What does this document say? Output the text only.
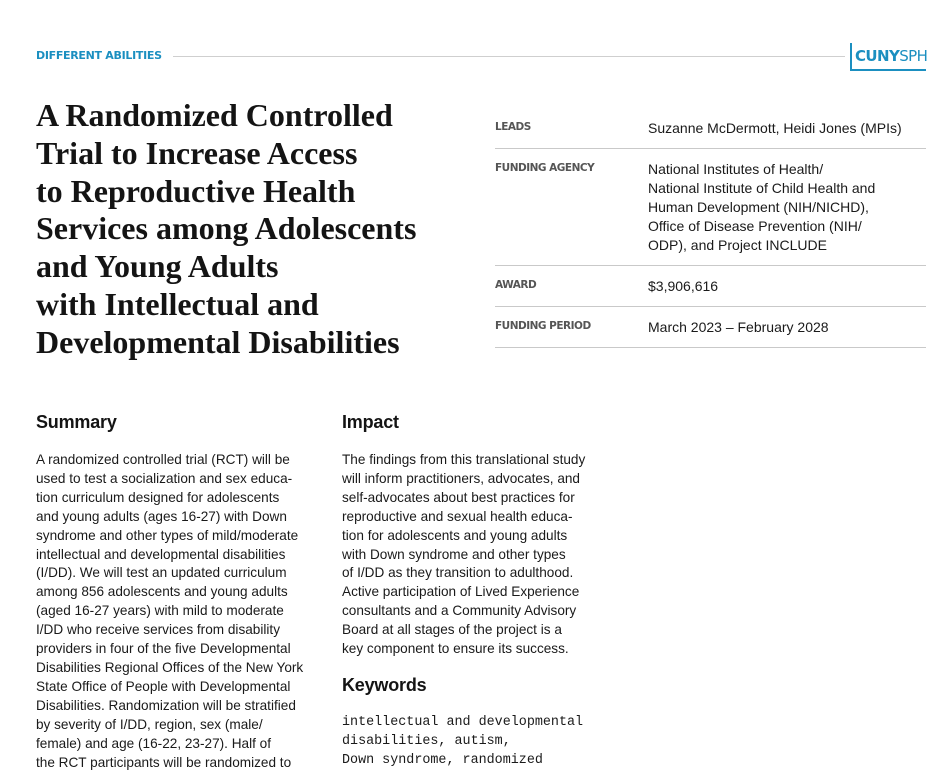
DIFFERENT ABILITIES	CUNY SPH
A Randomized Controlled
Trial to Increase Access
to Reproductive Health
Services among Adolescents
and Young Adults
with Intellectual and
Developmental Disabilities
LEADS	Suzanne McDermott, Heidi Jones (MPIs)
FUNDING AGENCY	National Institutes of Health/
National Institute of Child Health and
Human Development (NIH/NICHD),
Office of Disease Prevention (NIH/
ODP), and Project INCLUDE
AWARD	$3,906,616
FUNDING PERIOD	March 2023 – February 2028
Summary

A randomized controlled trial (RCT) will be
used to test a socialization and sex educa-
tion curriculum designed for adolescents
and young adults (ages 16-27) with Down
syndrome and other types of mild/moderate
intellectual and developmental disabilities
(I/DD). We will test an updated curriculum
among 856 adolescents and young adults
(aged 16-27 years) with mild to moderate
I/DD who receive services from disability
providers in four of the five Developmental
Disabilities Regional Offices of the New York
State Office of People with Developmental
Disabilities. Randomization will be stratified
by severity of I/DD, region, sex (male/
female) and age (16-22, 23-27). Half of
the RCT participants will be randomized to

Impact

The findings from this translational study
will inform practitioners, advocates, and
self-advocates about best practices for
reproductive and sexual health educa-
tion for adolescents and young adults
with Down syndrome and other types
of I/DD as they transition to adulthood.
Active participation of Lived Experience
consultants and a Community Advisory
Board at all stages of the project is a
key component to ensure its success.

Keywords

intellectual and developmental
disabilities, autism,
Down syndrome, randomized
